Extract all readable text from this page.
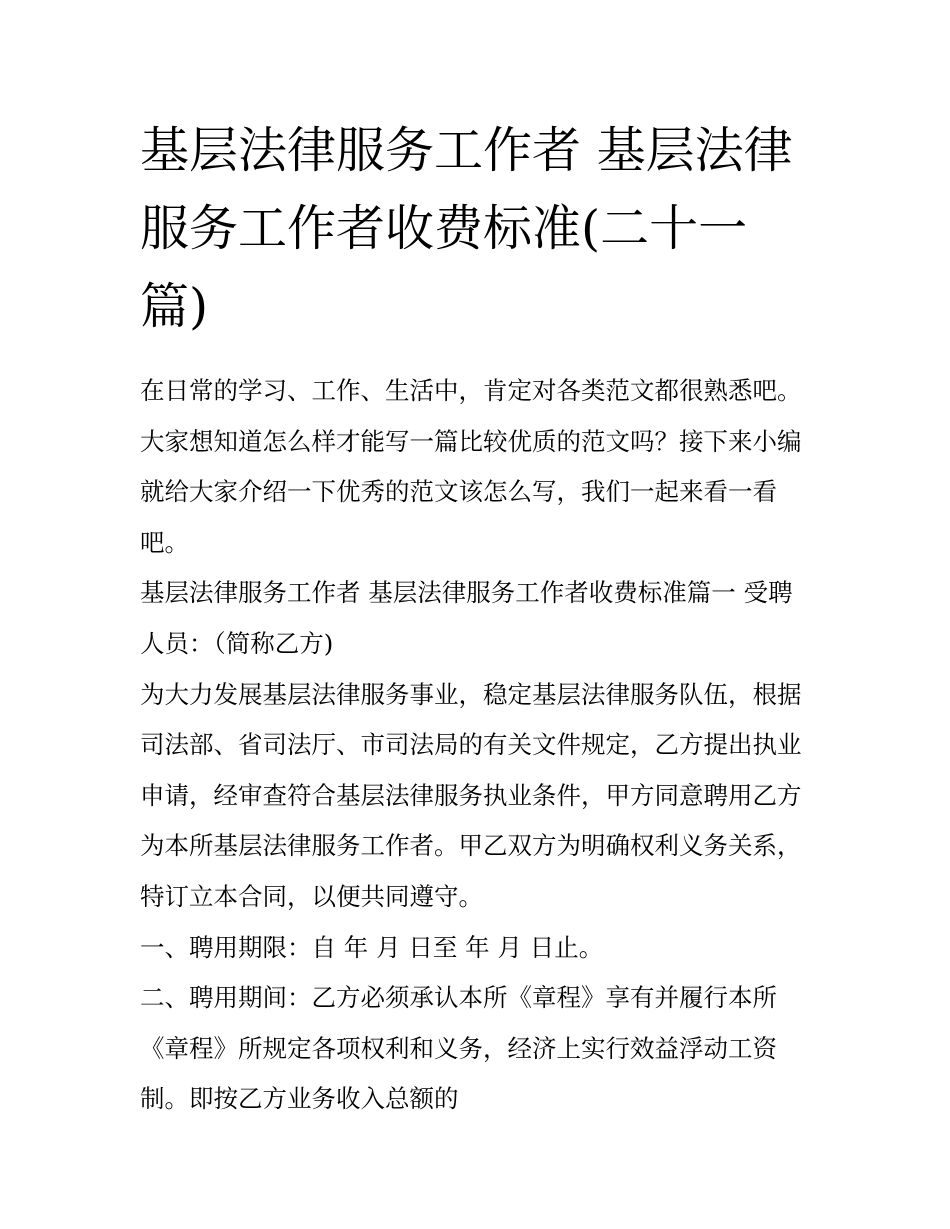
基层法律服务工作者 基层法律服务工作者收费标准(二十一篇)

在日常的学习、工作、生活中，肯定对各类范文都很熟悉吧。大家想知道怎么样才能写一篇比较优质的范文吗？接下来小编就给大家介绍一下优秀的范文该怎么写，我们一起来看一看吧。

基层法律服务工作者 基层法律服务工作者收费标准篇一 受聘人员：（简称乙方)

为大力发展基层法律服务事业，稳定基层法律服务队伍，根据司法部、省司法厅、市司法局的有关文件规定，乙方提出执业申请，经审查符合基层法律服务执业条件，甲方同意聘用乙方为本所基层法律服务工作者。甲乙双方为明确权利义务关系，特订立本合同，以便共同遵守。

一、聘用期限：自 年 月 日至 年 月 日止。

二、聘用期间：乙方必须承认本所《章程》享有并履行本所《章程》所规定各项权利和义务，经济上实行效益浮动工资制。即按乙方业务收入总额的
